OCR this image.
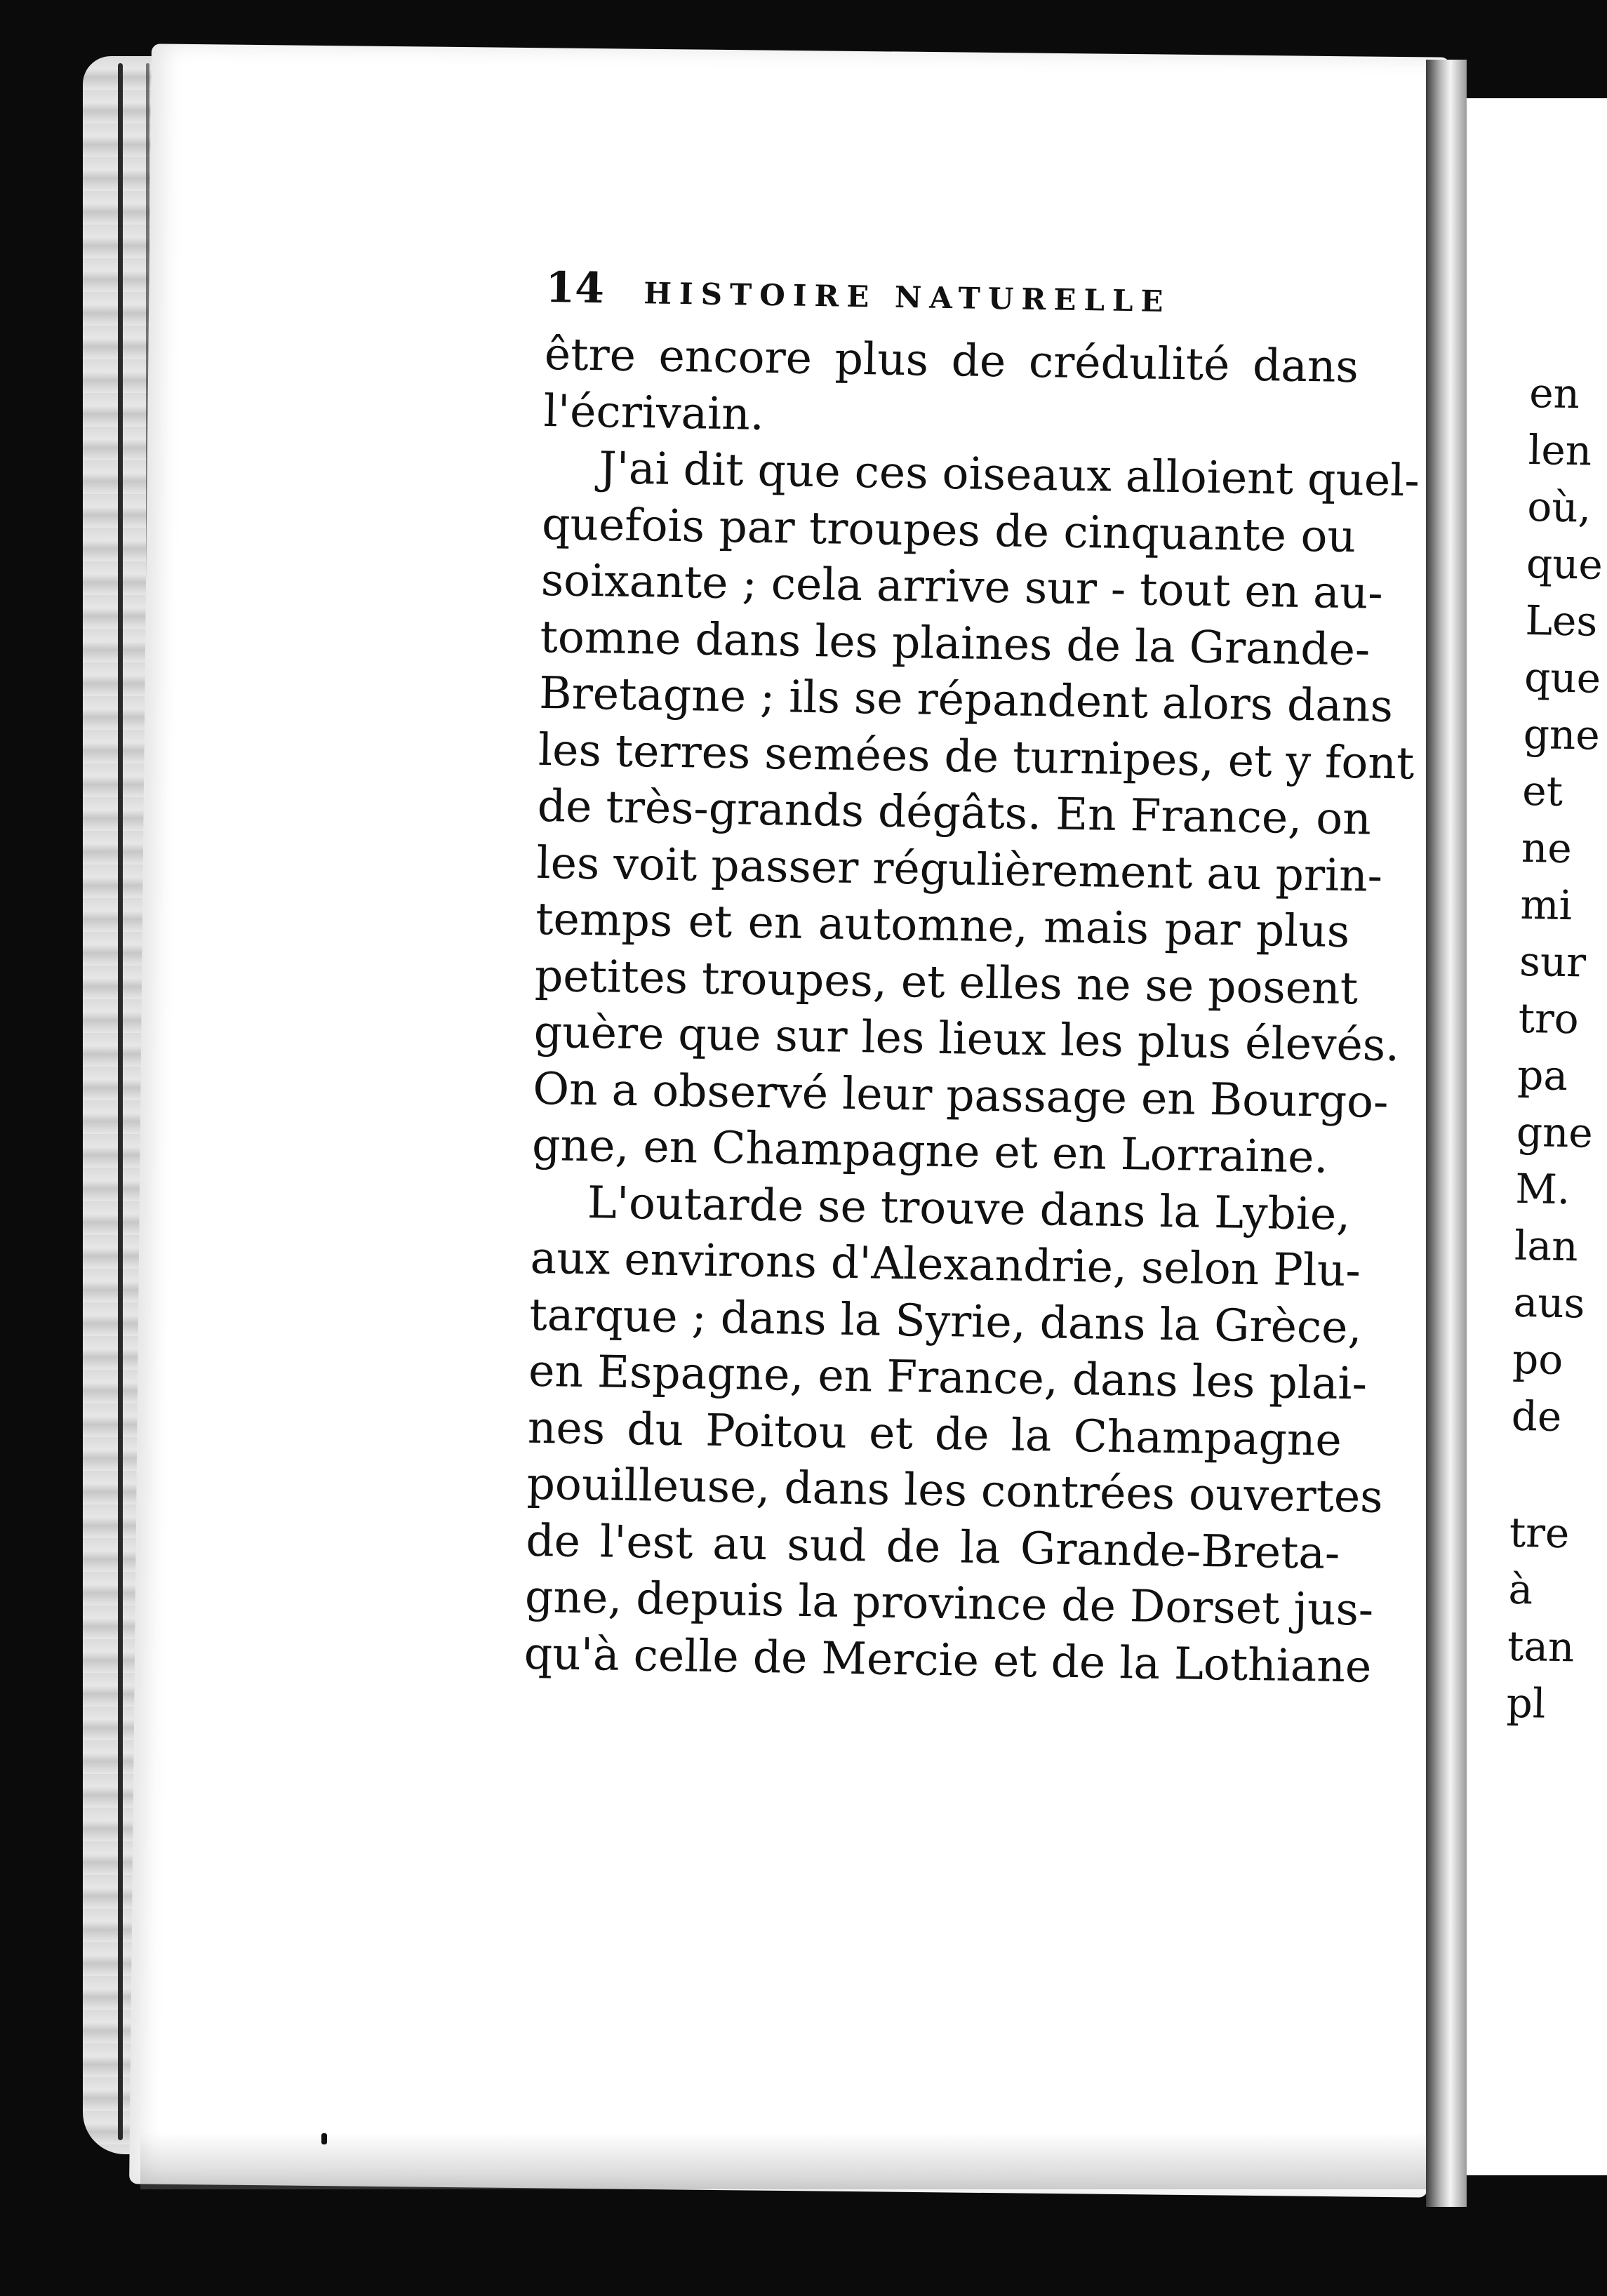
14	HISTOIRE NATURELLE
être encore plus de crédulité dans
l'écrivain.
J'ai dit que ces oiseaux alloient quel-
quefois par troupes de cinquante ou
soixante ; cela arrive sur - tout en au-
tomne dans les plaines de la Grande-
Bretagne ; ils se répandent alors dans
les terres semées de turnipes, et y font
de très-grands dégâts. En France, on
les voit passer régulièrement au prin-
temps et en automne, mais par plus
petites troupes, et elles ne se posent
guère que sur les lieux les plus élevés.
On a observé leur passage en Bourgo-
gne, en Champagne et en Lorraine.
L'outarde se trouve dans la Lybie,
aux environs d'Alexandrie, selon Plu-
tarque ; dans la Syrie, dans la Grèce,
en Espagne, en France, dans les plai-
nes du Poitou et de la Champagne
pouilleuse, dans les contrées ouvertes
de l'est au sud de la Grande-Breta-
gne, depuis la province de Dorset jus-
qu'à celle de Mercie et de la Lothiane
en
len
où,
que
Les
que
gne
et
ne
mi
sur
tro
pa
gne
M.
lan
aus
po
de
tre
à
tan
pl
